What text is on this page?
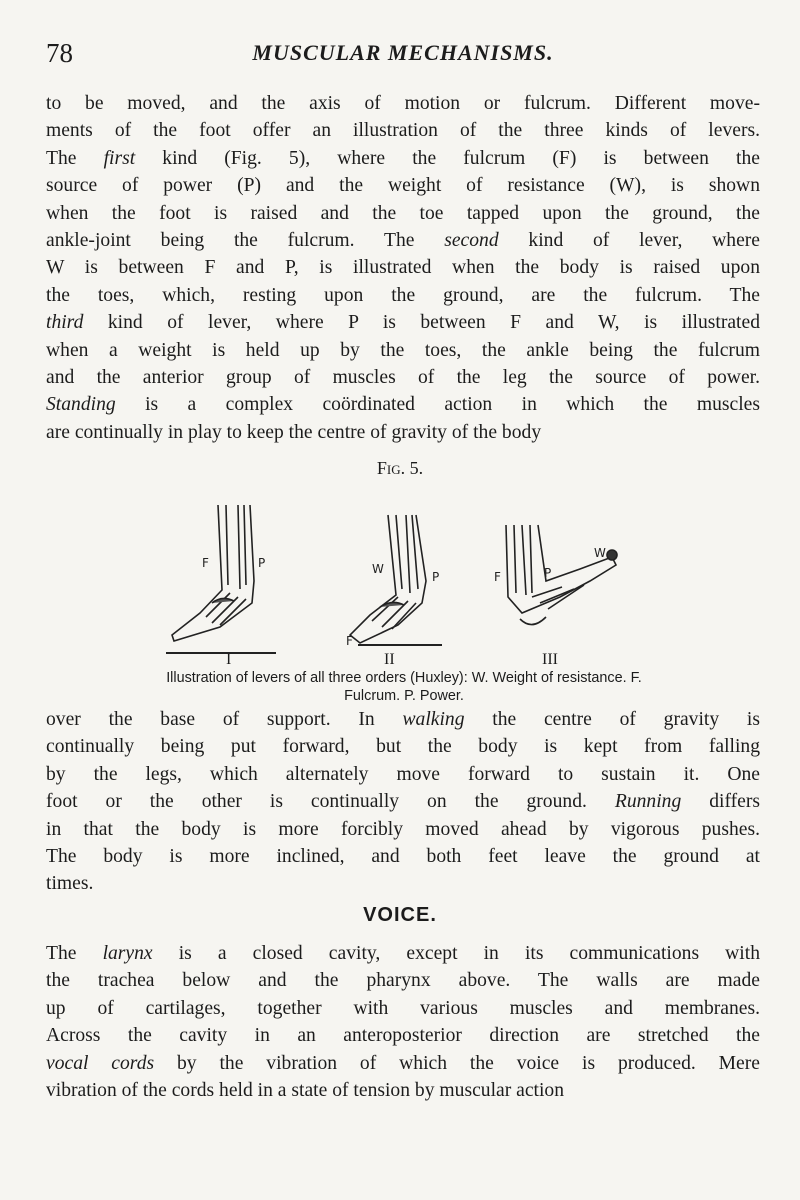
78	MUSCULAR MECHANISMS.
to be moved, and the axis of motion or fulcrum. Different move-
ments of the foot offer an illustration of the three kinds of levers.
The first kind (Fig. 5), where the fulcrum (F) is between the
source of power (P) and the weight of resistance (W), is shown
when the foot is raised and the toe tapped upon the ground, the
ankle-joint being the fulcrum. The second kind of lever, where
W is between F and P, is illustrated when the body is raised upon
the toes, which, resting upon the ground, are the fulcrum. The
third kind of lever, where P is between F and W, is illustrated
when a weight is held up by the toes, the ankle being the fulcrum
and the anterior group of muscles of the leg the source of power.
Standing is a complex coördinated action in which the muscles
are continually in play to keep the centre of gravity of the body
Fig. 5.
F	P	W
P
F
F	P
W
I	II	III
Illustration of levers of all three orders (Huxley): W. Weight of resistance. F.
Fulcrum. P. Power.
over the base of support. In walking the centre of gravity is
continually being put forward, but the body is kept from falling
by the legs, which alternately move forward to sustain it. One
foot or the other is continually on the ground. Running differs
in that the body is more forcibly moved ahead by vigorous pushes.
The body is more inclined, and both feet leave the ground at
times.
VOICE.
The larynx is a closed cavity, except in its communications with
the trachea below and the pharynx above. The walls are made
up of cartilages, together with various muscles and membranes.
Across the cavity in an anteroposterior direction are stretched the
vocal cords by the vibration of which the voice is produced. Mere
vibration of the cords held in a state of tension by muscular action
